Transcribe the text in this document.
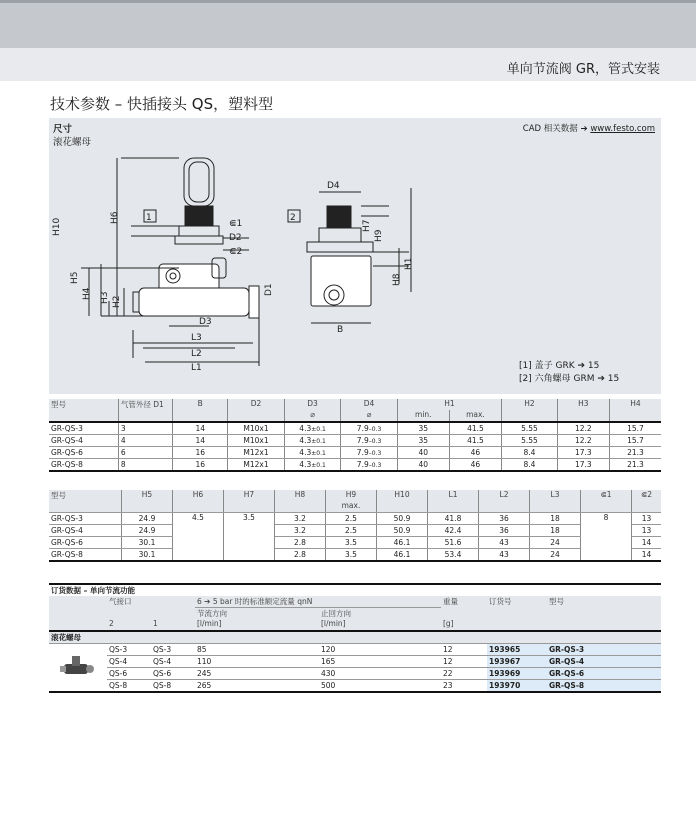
单向节流阀 GR，管式安装
技术参数 – 快插接头 QS，塑料型
尺寸
滚花螺母
CAD 相关数据 ➔ www.festo.com
1	2
H10
H6
H5
H4 H3 H2
⋐1
D2
⋐2
D1
D3
L3
L2
L1
D4
H7
H9
H1
H8
B
[1] 盖子 GRK ➔ 15
[2] 六角螺母 GRM ➔ 15
型号	气管外径 D1	B	D2	D3	D4	H1		H2	H3	H4
				⌀	⌀	min.	max.			
GR-QS-3	3	14	M10x1	4.3±0.1	7.9–0.3	35	41.5	5.55	12.2	15.7
GR-QS-4	4	14	M10x1	4.3±0.1	7.9–0.3	35	41.5	5.55	12.2	15.7
GR-QS-6	6	16	M12x1	4.3±0.1	7.9–0.3	40	46	8.4	17.3	21.3
GR-QS-8	8	16	M12x1	4.3±0.1	7.9–0.3	40	46	8.4	17.3	21.3
型号	H5	H6	H7	H8	H9	H10	L1	L2	L3	⋐1	⋐2
					max.						
GR-QS-3	24.9	4.5	3.5	3.2	2.5	50.9	41.8	36	18	8	13
GR-QS-4	24.9			3.2	2.5	50.9	42.4	36	18		13
GR-QS-6	30.1			2.8	3.5	46.1	51.6	43	24		14
GR-QS-8	30.1			2.8	3.5	46.1	53.4	43	24		14
订货数据 – 单向节流功能							
	气接口		6 ➔ 5 bar 时的标准额定流量 qnN		重量	订货号	型号
			节流方向	止回方向			
	2	1	[l/min]	[l/min]	[g]		
滚花螺母							
	QS-3	QS-3	85	120	12	193965	GR-QS-3
	QS-4	QS-4	110	165	12	193967	GR-QS-4
	QS-6	QS-6	245	430	22	193969	GR-QS-6
	QS-8	QS-8	265	500	23	193970	GR-QS-8
